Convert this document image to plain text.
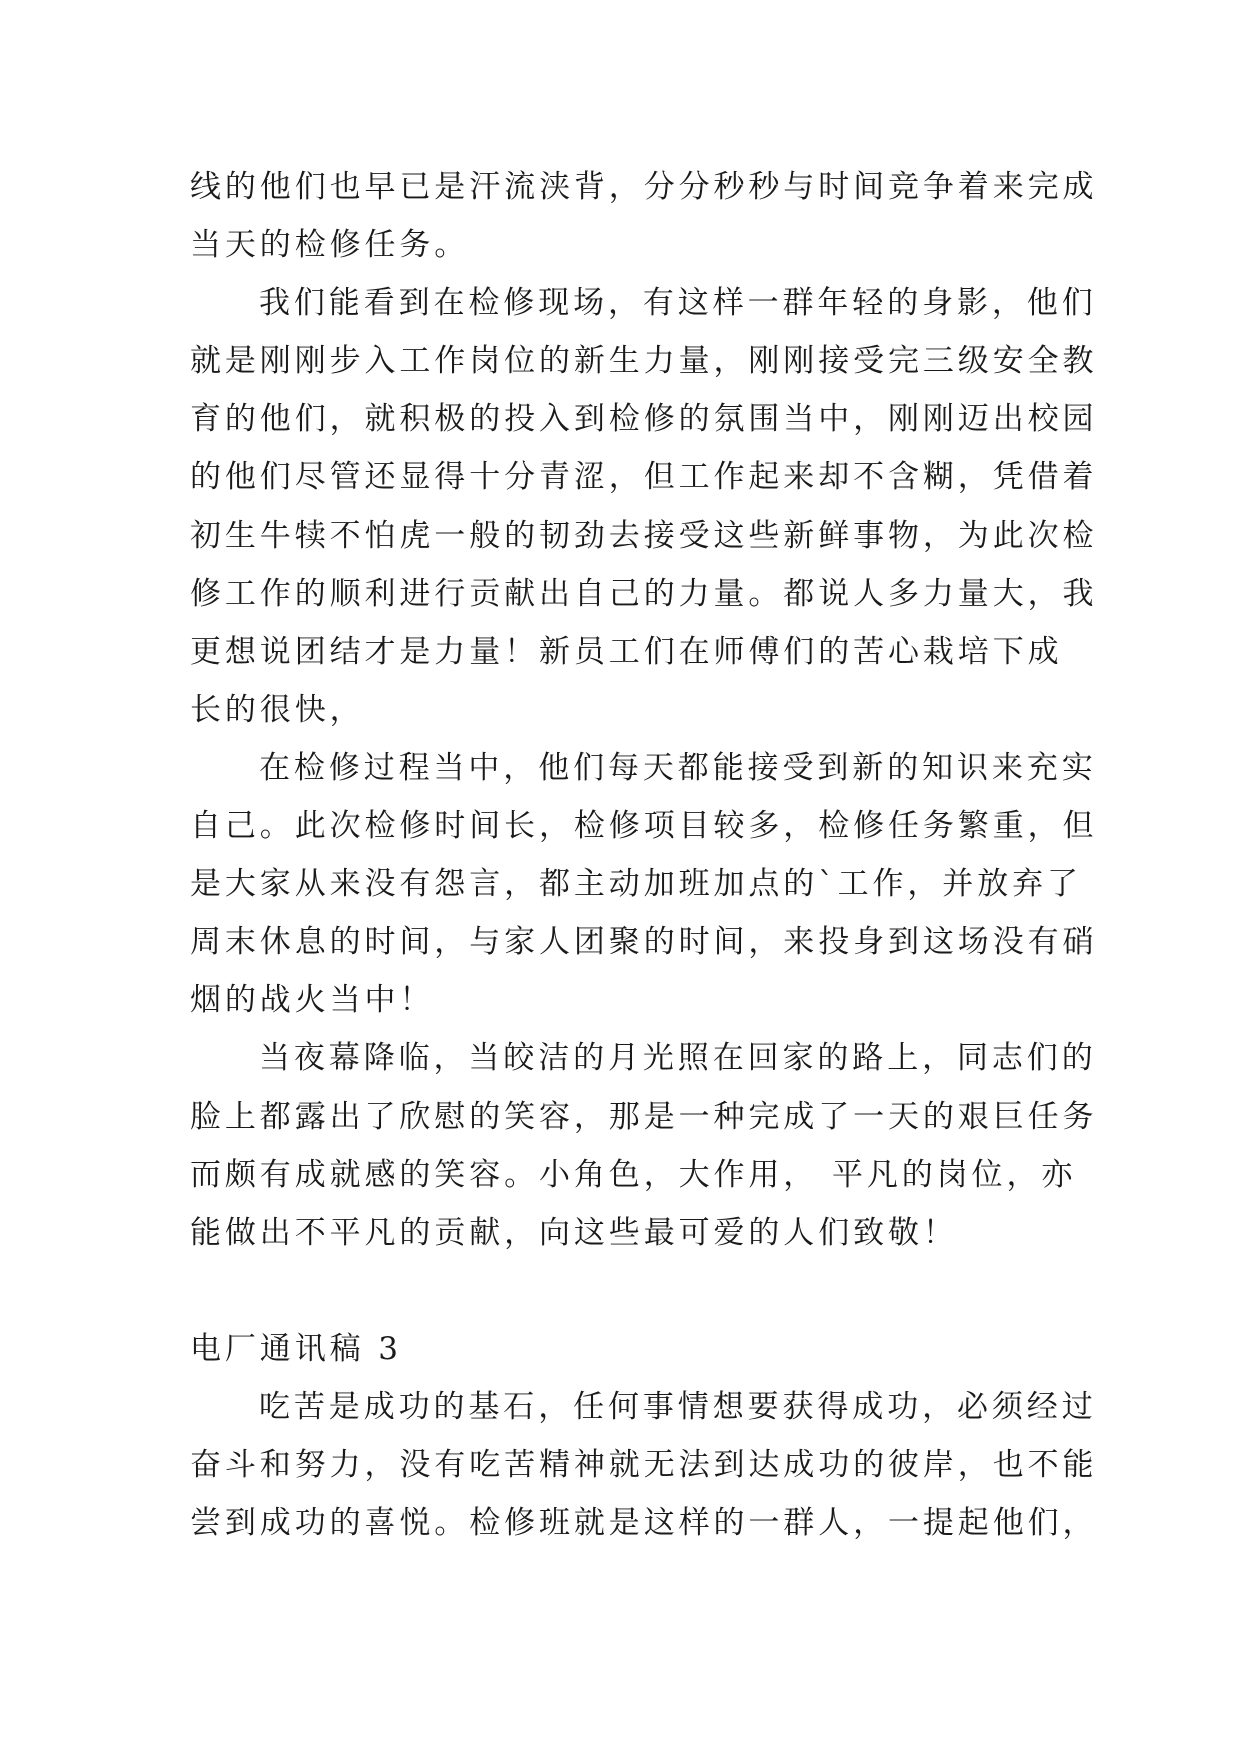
线的他们也早已是汗流浃背，分分秒秒与时间竞争着来完成
当天的检修任务。

我们能看到在检修现场，有这样一群年轻的身影，他们
就是刚刚步入工作岗位的新生力量，刚刚接受完三级安全教
育的他们，就积极的投入到检修的氛围当中，刚刚迈出校园
的他们尽管还显得十分青涩，但工作起来却不含糊，凭借着
初生牛犊不怕虎一般的韧劲去接受这些新鲜事物，为此次检
修工作的顺利进行贡献出自己的力量。都说人多力量大，我
更想说团结才是力量！新员工们在师傅们的苦心栽培下成
长的很快，

在检修过程当中，他们每天都能接受到新的知识来充实
自己。此次检修时间长，检修项目较多，检修任务繁重，但
是大家从来没有怨言，都主动加班加点的`工作，并放弃了
周末休息的时间，与家人团聚的时间，来投身到这场没有硝
烟的战火当中！

当夜幕降临，当皎洁的月光照在回家的路上，同志们的
脸上都露出了欣慰的笑容，那是一种完成了一天的艰巨任务
而颇有成就感的笑容。小角色，大作用， 平凡的岗位，亦
能做出不平凡的贡献，向这些最可爱的人们致敬！

电厂通讯稿 3

吃苦是成功的基石，任何事情想要获得成功，必须经过
奋斗和努力，没有吃苦精神就无法到达成功的彼岸，也不能
尝到成功的喜悦。检修班就是这样的一群人，一提起他们，
